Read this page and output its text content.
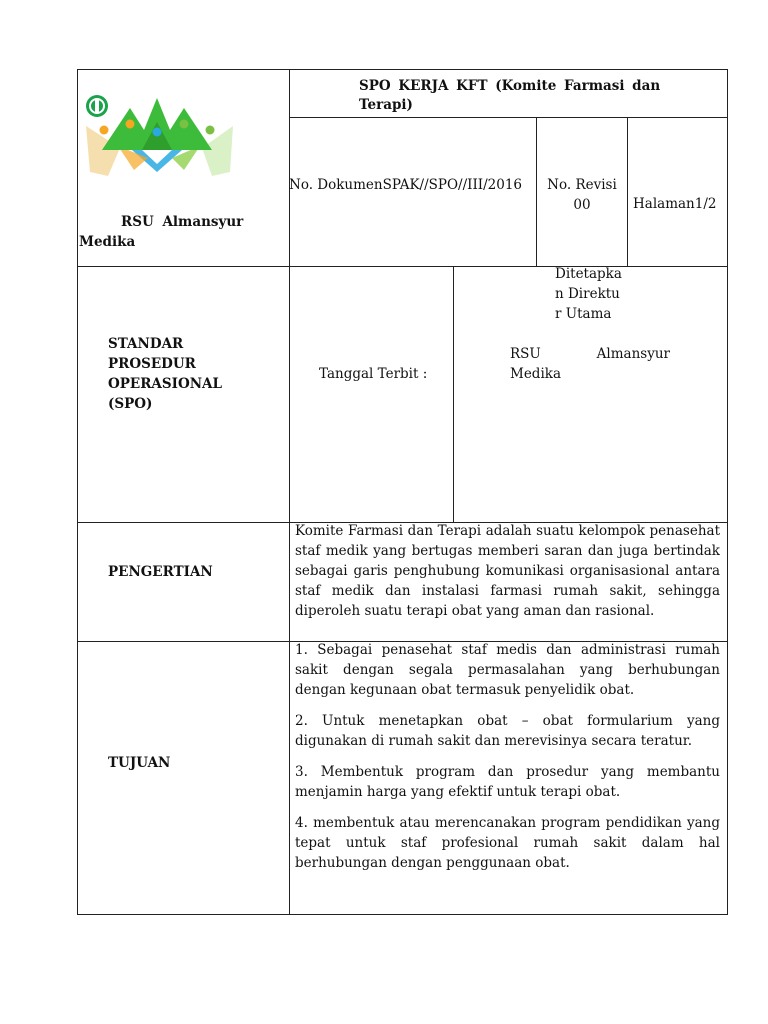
RSU Almansyur Medika
SPO KERJA KFT (Komite Farmasi dan Terapi)
No. DokumenSPAK//SPO//III/2016	No. Revisi 00	Halaman1/2
STANDAR PROSEDUR OPERASIONAL (SPO)
Tanggal Terbit :
Ditetapkan Direktur Utama
RSU Almansyur Medika
PENGERTIAN
Komite Farmasi dan Terapi adalah suatu kelompok penasehat staf medik yang bertugas memberi saran dan juga bertindak sebagai garis penghubung komunikasi organisasional antara staf medik dan instalasi farmasi rumah sakit, sehingga diperoleh suatu terapi obat yang aman dan rasional.
TUJUAN

1. Sebagai penasehat staf medis dan administrasi rumah sakit dengan segala permasalahan yang berhubungan dengan kegunaan obat termasuk penyelidik obat.

2. Untuk menetapkan obat – obat formularium yang digunakan di rumah sakit dan merevisinya secara teratur.

3. Membentuk program dan prosedur yang membantu menjamin harga yang efektif untuk terapi obat.

4. membentuk atau merencanakan program pendidikan yang tepat untuk staf profesional rumah sakit dalam hal berhubungan dengan penggunaan obat.
